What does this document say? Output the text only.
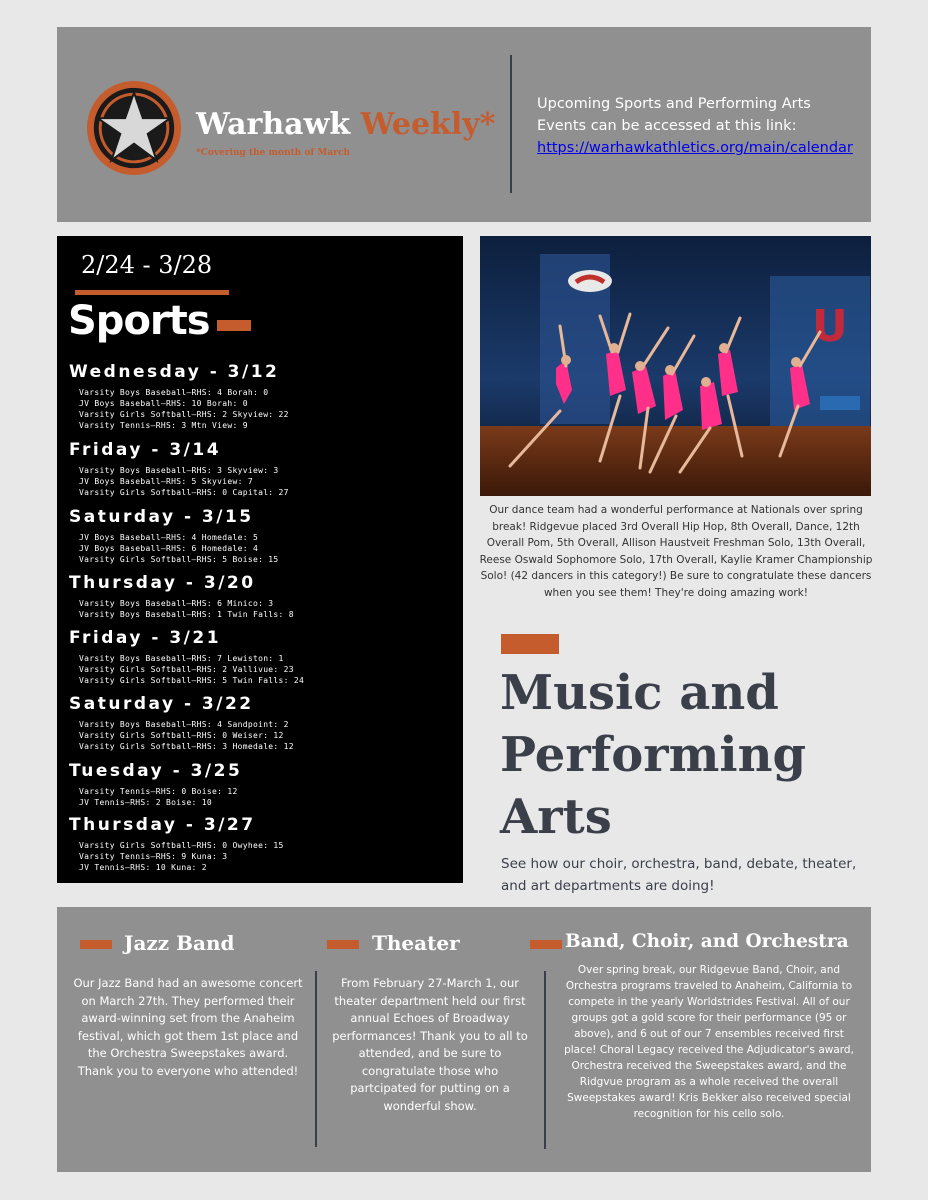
Warhawk Weekly*
*Covering the month of March
Upcoming Sports and Performing Arts
Events can be accessed at this link:
https://warhawkathletics.org/main/calendar
2/24 - 3/28
Sports
Wednesday - 3/12
Varsity Boys Baseball—RHS: 4 Borah: 0
JV Boys Baseball—RHS: 10 Borah: 0
Varsity Girls Softball—RHS: 2 Skyview: 22
Varsity Tennis—RHS: 3 Mtn View: 9
Friday - 3/14
Varsity Boys Baseball—RHS: 3 Skyview: 3
JV Boys Baseball—RHS: 5 Skyview: 7
Varsity Girls Softball—RHS: 0 Capital: 27
Saturday - 3/15
JV Boys Baseball—RHS: 4 Homedale: 5
JV Boys Baseball—RHS: 6 Homedale: 4
Varsity Girls Softball—RHS: 5 Boise: 15
Thursday - 3/20
Varsity Boys Baseball—RHS: 6 Minico: 3
Varsity Boys Baseball—RHS: 1 Twin Falls: 8
Friday - 3/21
Varsity Boys Baseball—RHS: 7 Lewiston: 1
Varsity Girls Softball—RHS: 2 Vallivue: 23
Varsity Girls Softball—RHS: 5 Twin Falls: 24
Saturday - 3/22
Varsity Boys Baseball—RHS: 4 Sandpoint: 2
Varsity Girls Softball—RHS: 0 Weiser: 12
Varsity Girls Softball—RHS: 3 Homedale: 12
Tuesday - 3/25
Varsity Tennis—RHS: 0 Boise: 12
JV Tennis—RHS: 2 Boise: 10
Thursday - 3/27
Varsity Girls Softball—RHS: 0 Owyhee: 15
Varsity Tennis—RHS: 9 Kuna: 3
JV Tennis—RHS: 10 Kuna: 2
U
Our dance team had a wonderful performance at Nationals over spring break! Ridgevue placed 3rd Overall Hip Hop, 8th Overall, Dance, 12th Overall Pom, 5th Overall, Allison Haustveit Freshman Solo, 13th Overall, Reese Oswald Sophomore Solo, 17th Overall, Kaylie Kramer Championship Solo! (42 dancers in this category!) Be sure to congratulate these dancers when you see them! They're doing amazing work!
Music and
Performing
Arts
See how our choir, orchestra, band, debate, theater, and art departments are doing!
Jazz Band
Our Jazz Band had an awesome concert on March 27th. They performed their award-winning set from the Anaheim festival, which got them 1st place and the Orchestra Sweepstakes award. Thank you to everyone who attended!
Theater
From February 27-March 1, our theater department held our first annual Echoes of Broadway performances! Thank you to all to attended, and be sure to congratulate those who partcipated for putting on a wonderful show.
Band, Choir, and Orchestra
Over spring break, our Ridgevue Band, Choir, and Orchestra programs traveled to Anaheim, California to compete in the yearly Worldstrides Festival. All of our groups got a gold score for their performance (95 or above), and 6 out of our 7 ensembles received first place! Choral Legacy received the Adjudicator's award, Orchestra received the Sweepstakes award, and the Ridgvue program as a whole received the overall Sweepstakes award! Kris Bekker also received special recognition for his cello solo.
